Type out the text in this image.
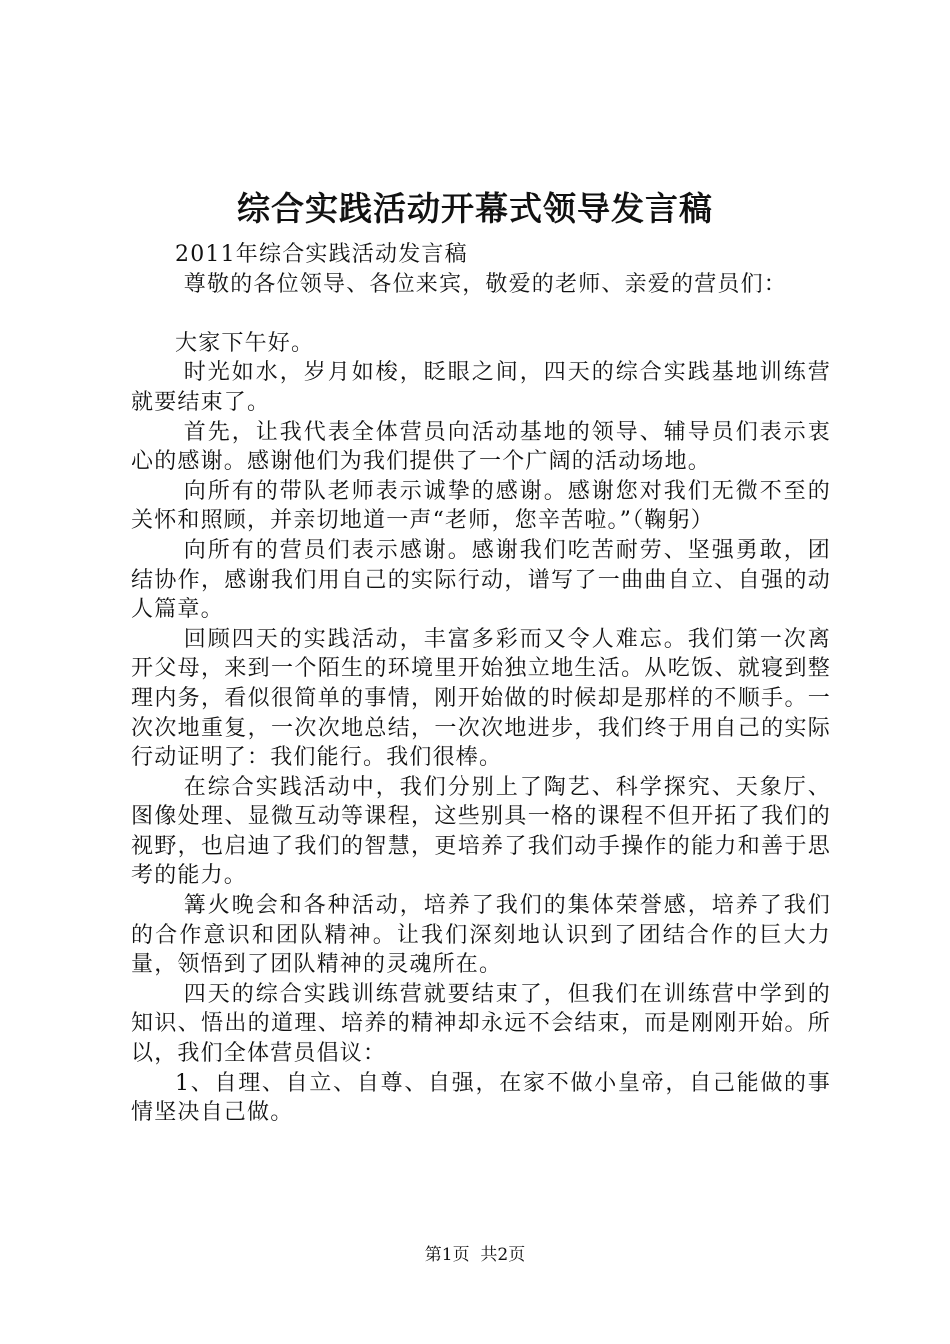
综合实践活动开幕式领导发言稿

2011年综合实践活动发言稿

尊敬的各位领导、各位来宾，敬爱的老师、亲爱的营员们：

大家下午好。

时光如水，岁月如梭，眨眼之间，四天的综合实践基地训练营就要结束了。

首先，让我代表全体营员向活动基地的领导、辅导员们表示衷心的感谢。感谢他们为我们提供了一个广阔的活动场地。

向所有的带队老师表示诚挚的感谢。感谢您对我们无微不至的关怀和照顾，并亲切地道一声“老师，您辛苦啦。”（鞠躬）

向所有的营员们表示感谢。感谢我们吃苦耐劳、坚强勇敢，团结协作，感谢我们用自己的实际行动，谱写了一曲曲自立、自强的动人篇章。

回顾四天的实践活动，丰富多彩而又令人难忘。我们第一次离开父母，来到一个陌生的环境里开始独立地生活。从吃饭、就寝到整理内务，看似很简单的事情，刚开始做的时候却是那样的不顺手。一次次地重复，一次次地总结，一次次地进步，我们终于用自己的实际行动证明了：我们能行。我们很棒。

在综合实践活动中，我们分别上了陶艺、科学探究、天象厅、图像处理、显微互动等课程，这些别具一格的课程不但开拓了我们的视野，也启迪了我们的智慧，更培养了我们动手操作的能力和善于思考的能力。

篝火晚会和各种活动，培养了我们的集体荣誉感，培养了我们的合作意识和团队精神。让我们深刻地认识到了团结合作的巨大力量，领悟到了团队精神的灵魂所在。

四天的综合实践训练营就要结束了，但我们在训练营中学到的知识、悟出的道理、培养的精神却永远不会结束，而是刚刚开始。所以，我们全体营员倡议：

1、自理、自立、自尊、自强，在家不做小皇帝，自己能做的事情坚决自己做。

第1页  共2页
